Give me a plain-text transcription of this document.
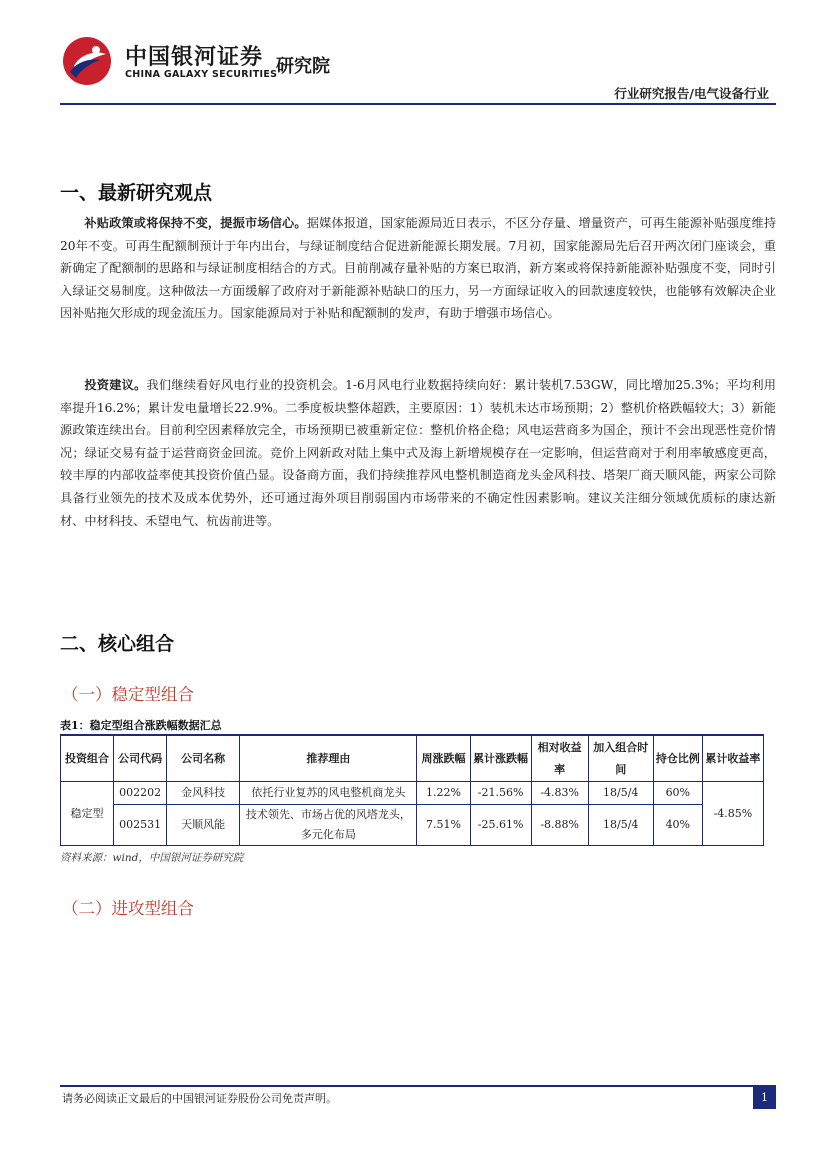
中国银河证券
CHINA GALAXY SECURITIES
研究院
行业研究报告/电气设备行业
一、最新研究观点

补贴政策或将保持不变，提振市场信心。据媒体报道，国家能源局近日表示，不区分存量、增量资产，可再生能源补贴强度维持20年不变。可再生配额制预计于年内出台，与绿证制度结合促进新能源长期发展。7月初，国家能源局先后召开两次闭门座谈会，重新确定了配额制的思路和与绿证制度相结合的方式。目前削减存量补贴的方案已取消，新方案或将保持新能源补贴强度不变，同时引入绿证交易制度。这种做法一方面缓解了政府对于新能源补贴缺口的压力，另一方面绿证收入的回款速度较快，也能够有效解决企业因补贴拖欠形成的现金流压力。国家能源局对于补贴和配额制的发声，有助于增强市场信心。

投资建议。我们继续看好风电行业的投资机会。1-6月风电行业数据持续向好：累计装机7.53GW，同比增加25.3%；平均利用率提升16.2%；累计发电量增长22.9%。二季度板块整体超跌，主要原因：1）装机未达市场预期；2）整机价格跌幅较大；3）新能源政策连续出台。目前利空因素释放完全，市场预期已被重新定位：整机价格企稳；风电运营商多为国企，预计不会出现恶性竞价情况；绿证交易有益于运营商资金回流。竞价上网新政对陆上集中式及海上新增规模存在一定影响，但运营商对于利用率敏感度更高，较丰厚的内部收益率使其投资价值凸显。设备商方面，我们持续推荐风电整机制造商龙头金风科技、塔架厂商天顺风能，两家公司除具备行业领先的技术及成本优势外，还可通过海外项目削弱国内市场带来的不确定性因素影响。建议关注细分领域优质标的康达新材、中材科技、禾望电气、杭齿前进等。

二、核心组合
（一）稳定型组合
表1：稳定型组合涨跌幅数据汇总
投资组合	公司代码	公司名称	推荐理由	周涨跌幅	累计涨跌幅	相对收益率	加入组合时间	持仓比例	累计收益率
稳定型	002202	金风科技	依托行业复苏的风电整机商龙头	1.22%	-21.56%	-4.83%	18/5/4	60%	-4.85%
	002531	天顺风能	技术领先、市场占优的风塔龙头，多元化布局	7.51%	-25.61%	-8.88%	18/5/4	40%	
资料来源：wind，中国银河证券研究院
（二）进攻型组合
请务必阅读正文最后的中国银河证券股份公司免责声明。	1
